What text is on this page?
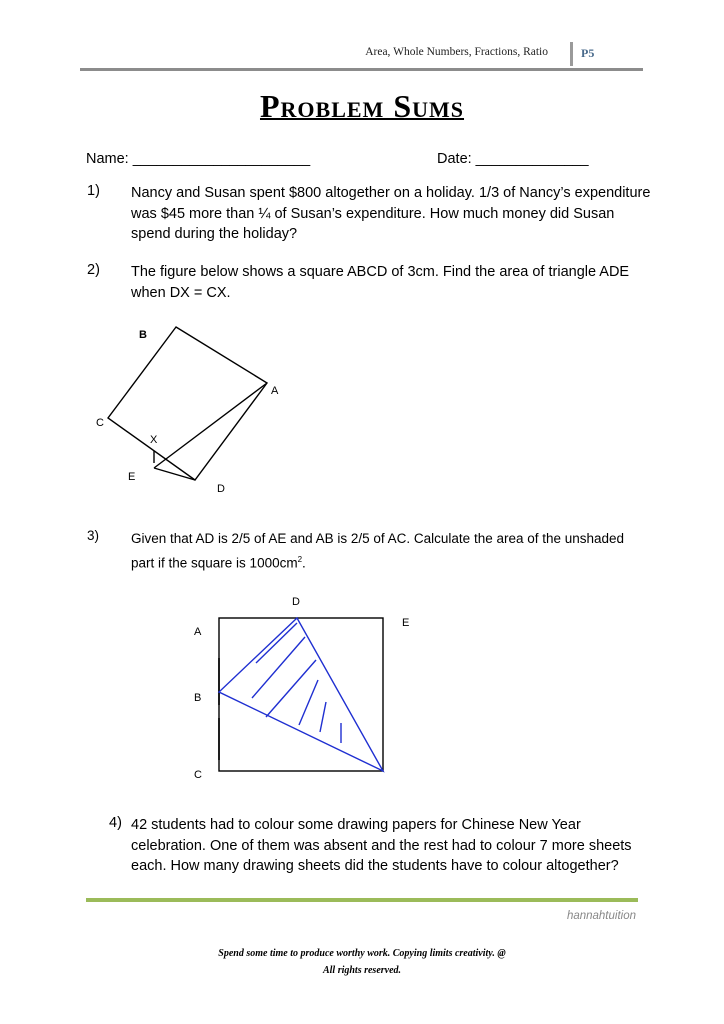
Area, Whole Numbers, Fractions, Ratio	P5
Problem Sums
Name: ______________________	Date: ______________
1) Nancy and Susan spent $800 altogether on a holiday. 1/3 of Nancy’s expenditure was $45 more than ¼ of Susan’s expenditure. How much money did Susan spend during the holiday?
2) The figure below shows a square ABCD of 3cm. Find the area of triangle ADE when DX = CX.
B
A
C
X
E
D
3) Given that AD is 2/5 of AE and AB is 2/5 of AC. Calculate the area of the unshaded part if the square is $1000cm^2$.
D
E
A
B
C
4) 42 students had to colour some drawing papers for Chinese New Year celebration. One of them was absent and the rest had to colour 7 more sheets each. How many drawing sheets did the students have to colour altogether?
hannahtuition
Spend some time to produce worthy work. Copying limits creativity. @
All rights reserved.
